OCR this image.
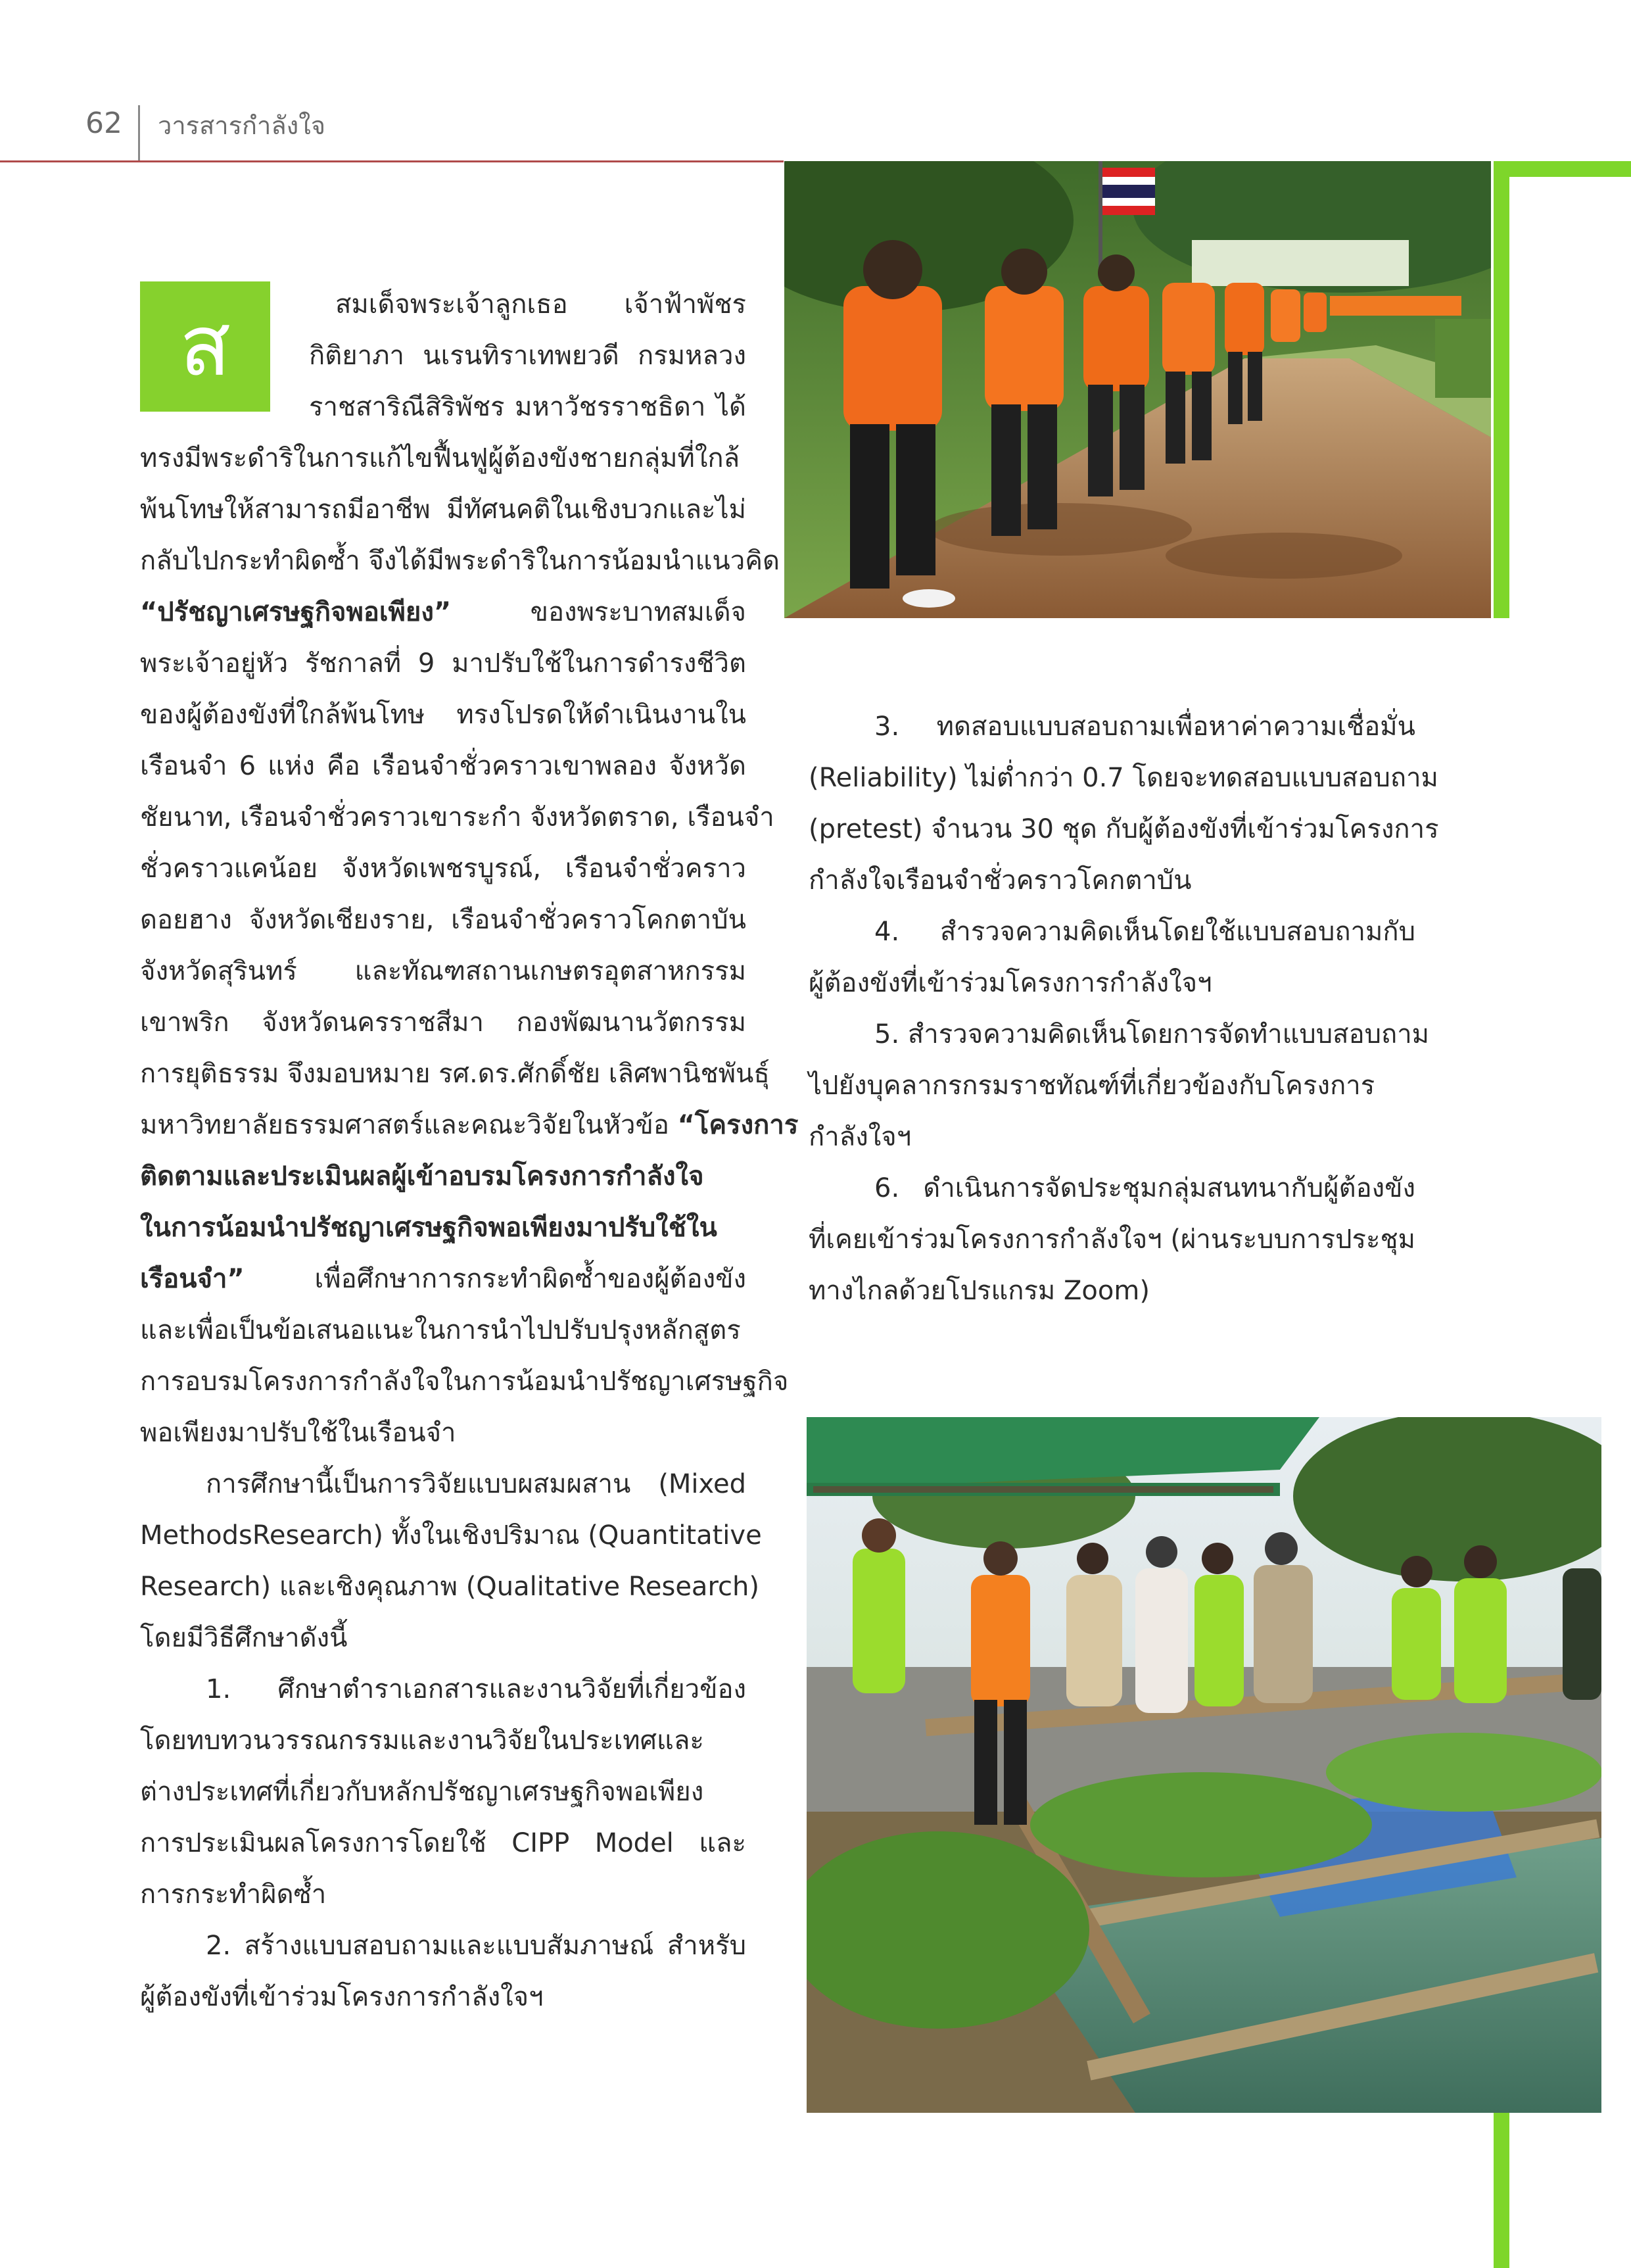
62 วารสารกำลังใจ
ส	สมเด็จพระเจ้าลูกเธอ เจ้าฟ้าพัชร
กิติยาภา นเรนทิราเทพยวดี กรมหลวง
ราชสาริณีสิริพัชร มหาวัชรราชธิดา ได้
ทรงมีพระดำริในการแก้ไขฟื้นฟูผู้ต้องขังชายกลุ่มที่ใกล้
พ้นโทษให้สามารถมีอาชีพ มีทัศนคติในเชิงบวกและไม่
กลับไปกระทำผิดซ้ำ จึงได้มีพระดำริในการน้อมนำแนวคิด
“ปรัชญาเศรษฐกิจพอเพียง” ของพระบาทสมเด็จ
พระเจ้าอยู่หัว รัชกาลที่ 9 มาปรับใช้ในการดำรงชีวิต
ของผู้ต้องขังที่ใกล้พ้นโทษ ทรงโปรดให้ดำเนินงานใน
เรือนจำ 6 แห่ง คือ เรือนจำชั่วคราวเขาพลอง จังหวัด
ชัยนาท, เรือนจำชั่วคราวเขาระกำ จังหวัดตราด, เรือนจำ
ชั่วคราวแคน้อย จังหวัดเพชรบูรณ์, เรือนจำชั่วคราว
ดอยฮาง จังหวัดเชียงราย, เรือนจำชั่วคราวโคกตาบัน
จังหวัดสุรินทร์ และทัณฑสถานเกษตรอุตสาหกรรม
เขาพริก จังหวัดนครราชสีมา กองพัฒนานวัตกรรม
การยุติธรรม จึงมอบหมาย รศ.ดร.ศักดิ์ชัย เลิศพานิชพันธุ์
มหาวิทยาลัยธรรมศาสตร์และคณะวิจัยในหัวข้อ “โครงการ
ติดตามและประเมินผลผู้เข้าอบรมโครงการกำลังใจ
ในการน้อมนำปรัชญาเศรษฐกิจพอเพียงมาปรับใช้ใน
เรือนจำ” เพื่อศึกษาการกระทำผิดซ้ำของผู้ต้องขัง
และเพื่อเป็นข้อเสนอแนะในการนำไปปรับปรุงหลักสูตร
การอบรมโครงการกำลังใจในการน้อมนำปรัชญาเศรษฐกิจ
พอเพียงมาปรับใช้ในเรือนจำ
การศึกษานี้เป็นการวิจัยแบบผสมผสาน (Mixed
MethodsResearch) ทั้งในเชิงปริมาณ (Quantitative
Research) และเชิงคุณภาพ (Qualitative Research)
โดยมีวิธีศึกษาดังนี้
1. ศึกษาตำราเอกสารและงานวิจัยที่เกี่ยวข้อง
โดยทบทวนวรรณกรรมและงานวิจัยในประเทศและ
ต่างประเทศที่เกี่ยวกับหลักปรัชญาเศรษฐกิจพอเพียง
การประเมินผลโครงการโดยใช้ CIPP Model และ
การกระทำผิดซ้ำ
2. สร้างแบบสอบถามและแบบสัมภาษณ์ สำหรับ
ผู้ต้องขังที่เข้าร่วมโครงการกำลังใจฯ
3. ทดสอบแบบสอบถามเพื่อหาค่าความเชื่อมั่น
(Reliability) ไม่ต่ำกว่า 0.7 โดยจะทดสอบแบบสอบถาม
(pretest) จำนวน 30 ชุด กับผู้ต้องขังที่เข้าร่วมโครงการ
กำลังใจเรือนจำชั่วคราวโคกตาบัน
4. สำรวจความคิดเห็นโดยใช้แบบสอบถามกับ
ผู้ต้องขังที่เข้าร่วมโครงการกำลังใจฯ
5. สำรวจความคิดเห็นโดยการจัดทำแบบสอบถาม
ไปยังบุคลากรกรมราชทัณฑ์ที่เกี่ยวข้องกับโครงการ
กำลังใจฯ
6. ดำเนินการจัดประชุมกลุ่มสนทนากับผู้ต้องขัง
ที่เคยเข้าร่วมโครงการกำลังใจฯ (ผ่านระบบการประชุม
ทางไกลด้วยโปรแกรม Zoom)
